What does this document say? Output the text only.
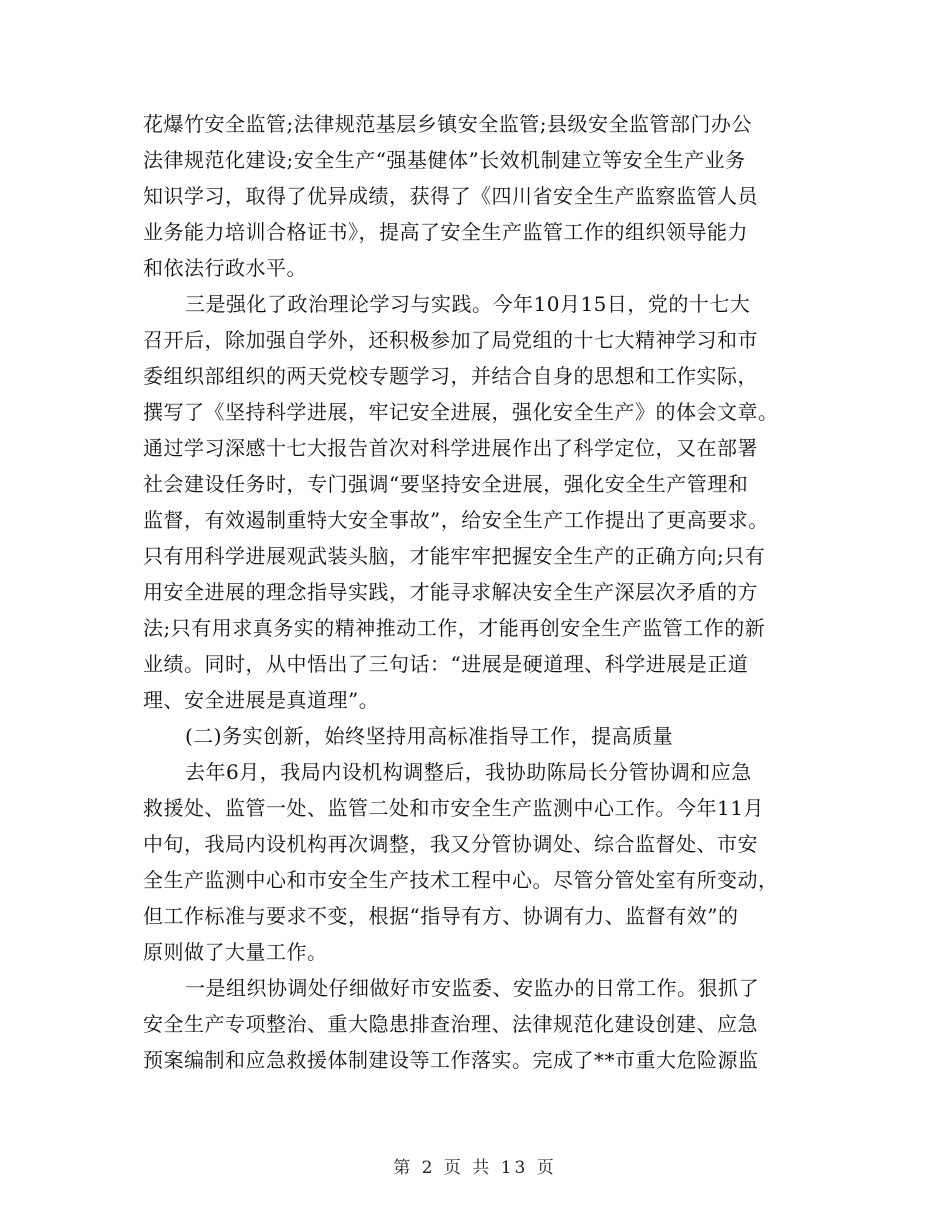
花爆竹安全监管;法律规范基层乡镇安全监管;县级安全监管部门办公
法律规范化建设;安全生产“强基健体”长效机制建立等安全生产业务
知识学习，取得了优异成绩，获得了《四川省安全生产监察监管人员
业务能力培训合格证书》，提高了安全生产监管工作的组织领导能力
和依法行政水平。
三是强化了政治理论学习与实践。今年10月15日，党的十七大
召开后，除加强自学外，还积极参加了局党组的十七大精神学习和市
委组织部组织的两天党校专题学习，并结合自身的思想和工作实际，
撰写了《坚持科学进展，牢记安全进展，强化安全生产》的体会文章。
通过学习深感十七大报告首次对科学进展作出了科学定位，又在部署
社会建设任务时，专门强调“要坚持安全进展，强化安全生产管理和
监督，有效遏制重特大安全事故”，给安全生产工作提出了更高要求。
只有用科学进展观武装头脑，才能牢牢把握安全生产的正确方向;只有
用安全进展的理念指导实践，才能寻求解决安全生产深层次矛盾的方
法;只有用求真务实的精神推动工作，才能再创安全生产监管工作的新
业绩。同时，从中悟出了三句话：“进展是硬道理、科学进展是正道
理、安全进展是真道理”。
(二)务实创新，始终坚持用高标准指导工作，提高质量
去年6月，我局内设机构调整后，我协助陈局长分管协调和应急
救援处、监管一处、监管二处和市安全生产监测中心工作。今年11月
中旬，我局内设机构再次调整，我又分管协调处、综合监督处、市安
全生产监测中心和市安全生产技术工程中心。尽管分管处室有所变动，
但工作标准与要求不变，根据“指导有方、协调有力、监督有效”的
原则做了大量工作。
一是组织协调处仔细做好市安监委、安监办的日常工作。狠抓了
安全生产专项整治、重大隐患排查治理、法律规范化建设创建、应急
预案编制和应急救援体制建设等工作落实。完成了**市重大危险源监
第 2 页 共 13 页
